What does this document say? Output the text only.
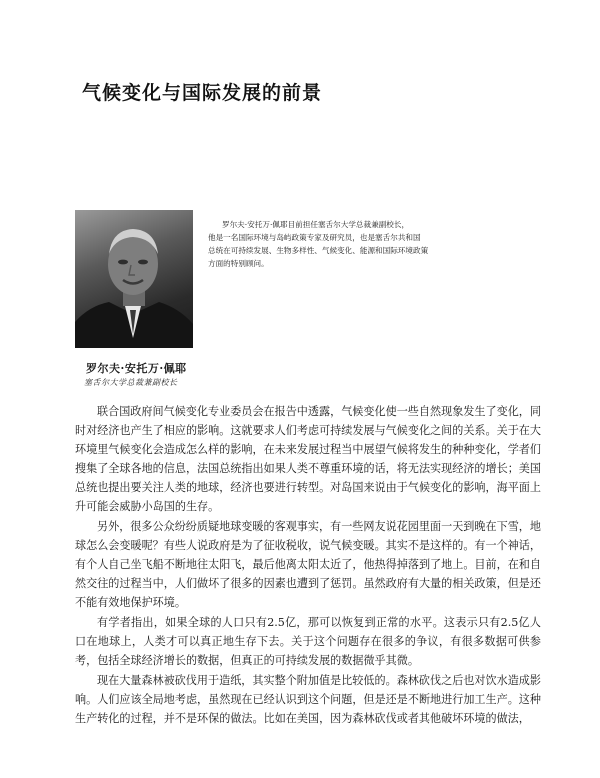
气候变化与国际发展的前景

罗尔夫·安托万·佩耶目前担任塞舌尔大学总裁兼副校长，

他是一名国际环境与岛屿政策专家及研究员，也是塞舌尔共和国
总统在可持续发展、生物多样性、气候变化、能源和国际环境政策
方面的特别顾问。
罗尔夫·安托万·佩耶
塞舌尔大学总裁兼副校长

联合国政府间气候变化专业委员会在报告中透露，气候变化使一些自然现象发生了变化，同时对经济也产生了相应的影响。这就要求人们考虑可持续发展与气候变化之间的关系。关于在大环境里气候变化会造成怎么样的影响，在未来发展过程当中展望气候将发生的种种变化，学者们搜集了全球各地的信息，法国总统指出如果人类不尊重环境的话，将无法实现经济的增长；美国总统也提出要关注人类的地球，经济也要进行转型。对岛国来说由于气候变化的影响，海平面上升可能会威胁小岛国的生存。

另外，很多公众纷纷质疑地球变暖的客观事实，有一些网友说花园里面一天到晚在下雪，地球怎么会变暖呢？有些人说政府是为了征收税收，说气候变暖。其实不是这样的。有一个神话，有个人自己坐飞船不断地往太阳飞，最后他离太阳太近了，他热得掉落到了地上。目前，在和自然交往的过程当中，人们做坏了很多的因素也遭到了惩罚。虽然政府有大量的相关政策，但是还不能有效地保护环境。

有学者指出，如果全球的人口只有2.5亿，那可以恢复到正常的水平。这表示只有2.5亿人口在地球上，人类才可以真正地生存下去。关于这个问题存在很多的争议，有很多数据可供参考，包括全球经济增长的数据，但真正的可持续发展的数据微乎其微。

现在大量森林被砍伐用于造纸，其实整个附加值是比较低的。森林砍伐之后也对饮水造成影响。人们应该全局地考虑，虽然现在已经认识到这个问题，但是还是不断地进行加工生产。这种生产转化的过程，并不是环保的做法。比如在美国，因为森林砍伐或者其他破坏环境的做法，
